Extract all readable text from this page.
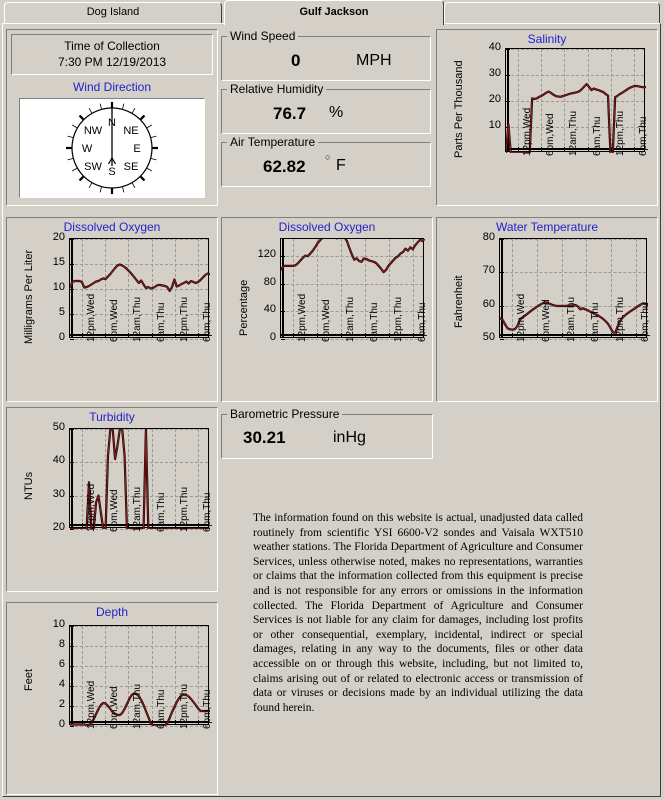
Dog Island	Gulf Jackson
Time of Collection
7:30 PM 12/19/2013
Wind Direction
N
NE
E
SE
S
SW
W
NW
Wind Speed
0	MPH
Relative Humidity
76.7 %
Air Temperature
62.82 ○ F
Salinity
Parts Per Thousand	10
20
30
40
12pm,Wed 6pm,Wed 12am,Thu 6am,Thu 12pm,Thu 6pm,Thu
Dissolved Oxygen
Milligrams Per Liter	0
5
10
15
20
12pm,Wed 6pm,Wed 12am,Thu 6am,Thu 12pm,Thu 6pm,Thu
Dissolved Oxygen
Percentage
0
40
80
120
12pm,Wed 6pm,Wed 12am,Thu 6am,Thu 12pm,Thu 6pm,Thu
Water Temperature
Fahrenheit
50
60
70
80
12pm,Wed 6pm,Wed 12am,Thu 6am,Thu 12pm,Thu 6pm,Thu
Turbidity
NTUs
20
30
40
50
12pm,Wed 6pm,Wed 12am,Thu 6am,Thu 12pm,Thu 6pm,Thu
Depth
Feet
0
2
4
6
8
10
12pm,Wed 6pm,Wed 12am,Thu 6am,Thu 12pm,Thu 6pm,Thu
Barometric Pressure
30.21	inHg
The information found on this website is actual, unadjusted data called routinely from scientific YSI 6600-V2 sondes and Vaisala WXT510 weather stations. The Florida Department of Agriculture and Consumer Services, unless otherwise noted, makes no representations, warranties or claims that the information collected from this equipment is precise and is not responsible for any errors or omissions in the information collected. The Florida Department of Agriculture and Consumer Services is not liable for any claim for damages, including lost profits or other consequential, exemplary, incidental, indirect or special damages, relating in any way to the documents, files or other data accessible on or through this website, including, but not limited to, claims arising out of or related to electronic access or transmission of data or viruses or decisions made by an individual utilizing the data found herein.
